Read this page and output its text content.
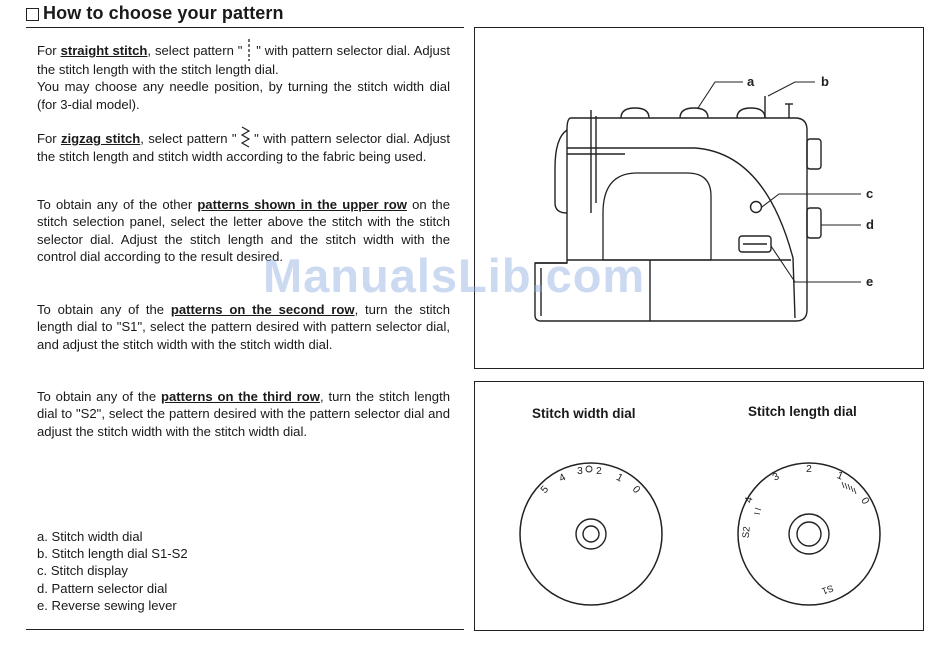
How to choose your pattern

For straight stitch, select pattern "  " with pattern selector dial. Adjust the stitch length with the stitch length dial.

You may choose any needle position, by turning the stitch width dial (for 3-dial model).

For zigzag stitch, select pattern "  " with pattern selector dial. Adjust the stitch length and stitch width according to the fabric being used.

To obtain any of the other patterns shown in the upper row on the stitch selection panel, select the letter above the stitch with the stitch selector dial. Adjust the stitch length and the stitch width with the control dial according to the result desired.

To obtain any of the patterns on the second row, turn the stitch length dial to "S1", select the pattern desired with pattern selector dial, and adjust the stitch width with the stitch width dial.

To obtain any of the patterns on the third row, turn the stitch length dial to "S2", select the pattern desired with the pattern selector dial and adjust the stitch width with the stitch width dial.

a. Stitch width dial
b. Stitch length dial S1-S2
c. Stitch display
d. Pattern selector dial
e. Reverse sewing lever
a	b
c
d
e
Stitch width dial	Stitch length dial
5
4
3 2
1
0
3
2
1
0
4
S2
S1
ManualsLib.com
